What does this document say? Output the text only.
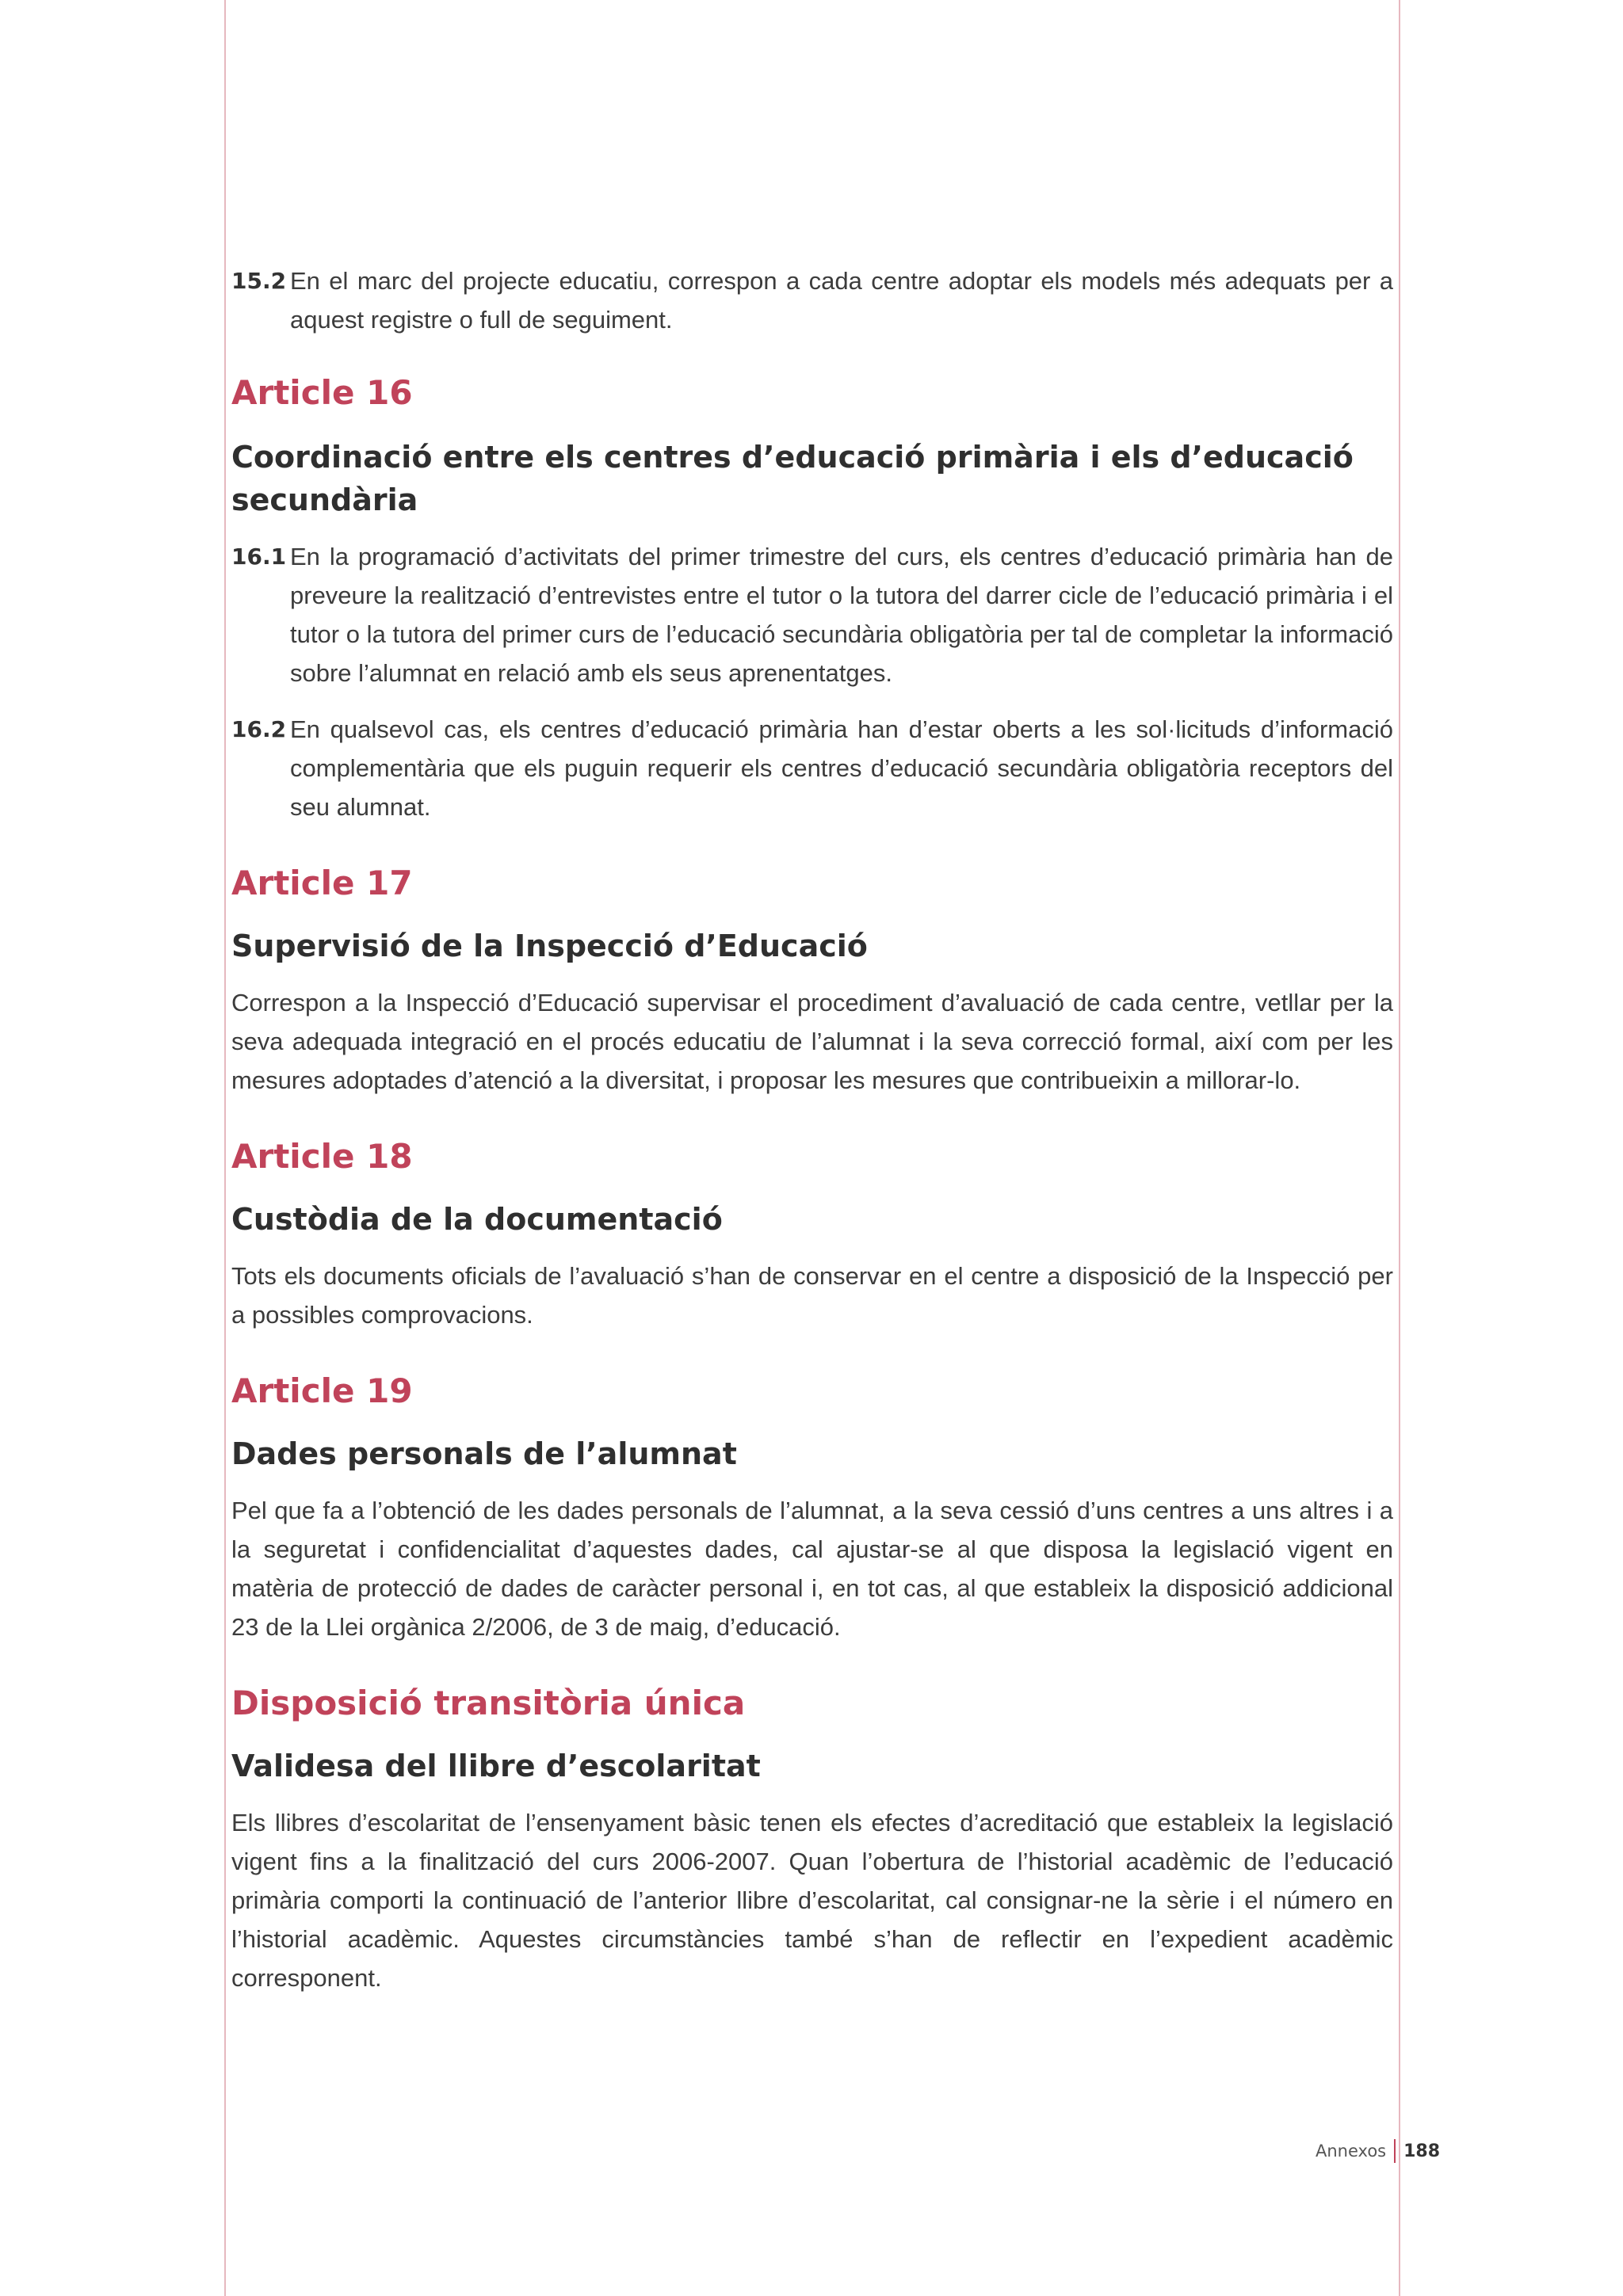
15.2 En el marc del projecte educatiu, correspon a cada centre adoptar els models més adequats per a aquest registre o full de seguiment.
Article 16
Coordinació entre els centres d’educació primària i els d’educació secundària
16.1 En la programació d’activitats del primer trimestre del curs, els centres d’educació primària han de preveure la realització d’entrevistes entre el tutor o la tutora del darrer cicle de l’educació primària i el tutor o la tutora del primer curs de l’educació secundària obligatòria per tal de completar la informació sobre l’alumnat en relació amb els seus aprenentatges.
16.2 En qualsevol cas, els centres d’educació primària han d’estar oberts a les sol·licituds d’informació complementària que els puguin requerir els centres d’educació secundària obligatòria receptors del seu alumnat.
Article 17
Supervisió de la Inspecció d’Educació

Correspon a la Inspecció d’Educació supervisar el procediment d’avaluació de cada centre, vetllar per la seva adequada integració en el procés educatiu de l’alumnat i la seva correcció formal, així com per les mesures adoptades d’atenció a la diversitat, i proposar les mesures que contribueixin a millorar-lo.

Article 18
Custòdia de la documentació

Tots els documents oficials de l’avaluació s’han de conservar en el centre a disposició de la Inspecció per a possibles comprovacions.

Article 19
Dades personals de l’alumnat

Pel que fa a l’obtenció de les dades personals de l’alumnat, a la seva cessió d’uns centres a uns altres i a la seguretat i confidencialitat d’aquestes dades, cal ajustar-se al que disposa la legislació vigent en matèria de protecció de dades de caràcter personal i, en tot cas, al que estableix la disposició addicional 23 de la Llei orgànica 2/2006, de 3 de maig, d’educació.

Disposició transitòria única
Validesa del llibre d’escolaritat

Els llibres d’escolaritat de l’ensenyament bàsic tenen els efectes d’acreditació que estableix la legislació vigent fins a la finalització del curs 2006-2007. Quan l’obertura de l’historial acadèmic de l’educació primària comporti la continuació de l’anterior llibre d’escolaritat, cal consignar-ne la sèrie i el número en l’historial acadèmic. Aquestes circumstàncies també s’han de reflectir en l’expedient acadèmic corresponent.

Annexos	188
